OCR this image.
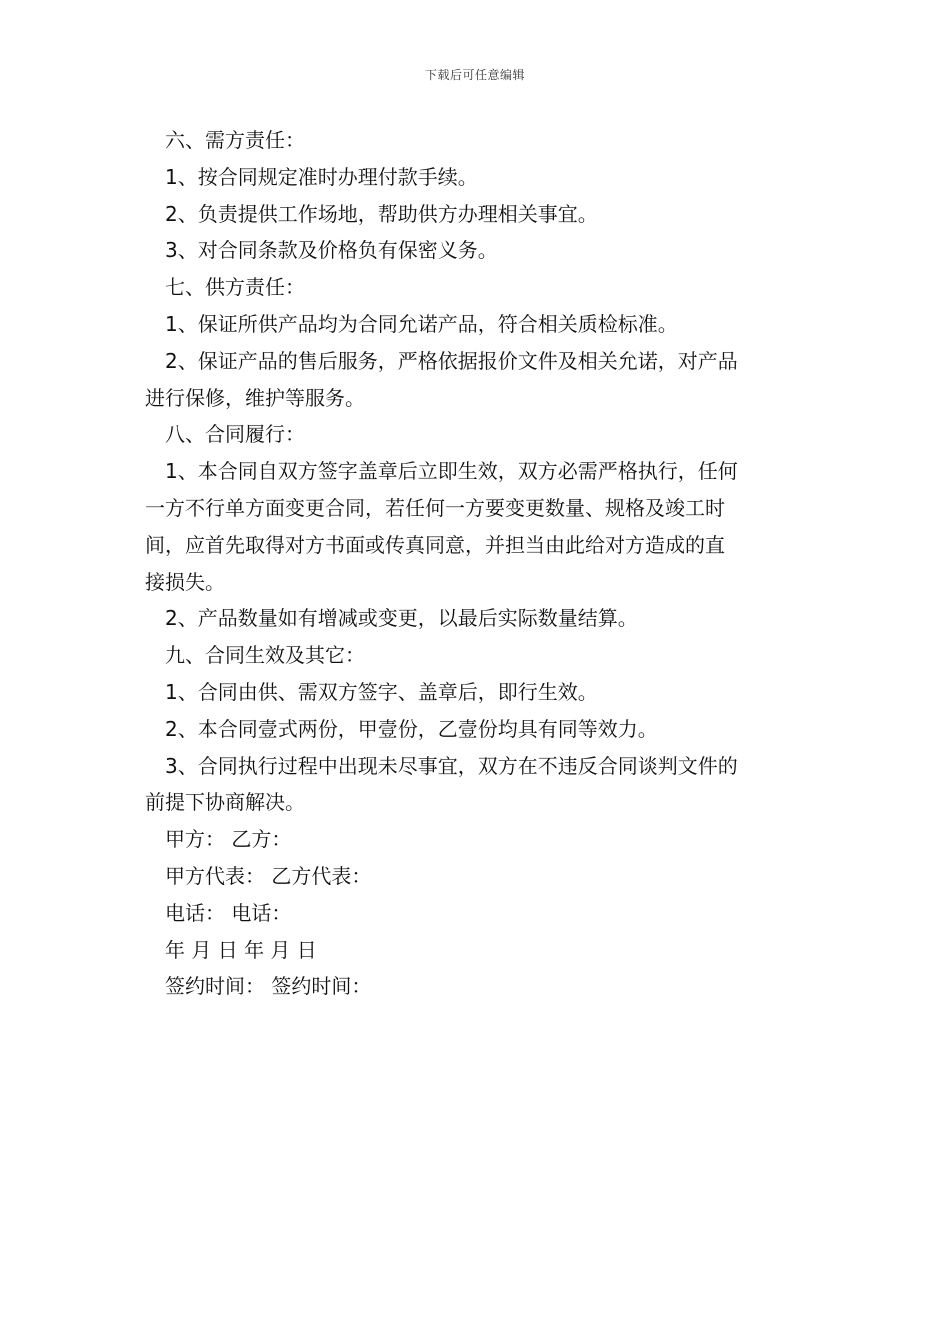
下载后可任意编辑

六、需方责任：

1、按合同规定准时办理付款手续。

2、负责提供工作场地，帮助供方办理相关事宜。

3、对合同条款及价格负有保密义务。

七、供方责任：

1、保证所供产品均为合同允诺产品，符合相关质检标准。

2、保证产品的售后服务，严格依据报价文件及相关允诺，对产品
进行保修，维护等服务。

八、合同履行：

1、本合同自双方签字盖章后立即生效，双方必需严格执行，任何
一方不行单方面变更合同，若任何一方要变更数量、规格及竣工时
间，应首先取得对方书面或传真同意，并担当由此给对方造成的直
接损失。

2、产品数量如有增减或变更，以最后实际数量结算。

九、合同生效及其它：

1、合同由供、需双方签字、盖章后，即行生效。

2、本合同壹式两份，甲壹份，乙壹份均具有同等效力。

3、合同执行过程中出现未尽事宜，双方在不违反合同谈判文件的
前提下协商解决。

甲方： 乙方：

甲方代表： 乙方代表：

电话： 电话：

年 月 日 年 月 日

签约时间： 签约时间：
